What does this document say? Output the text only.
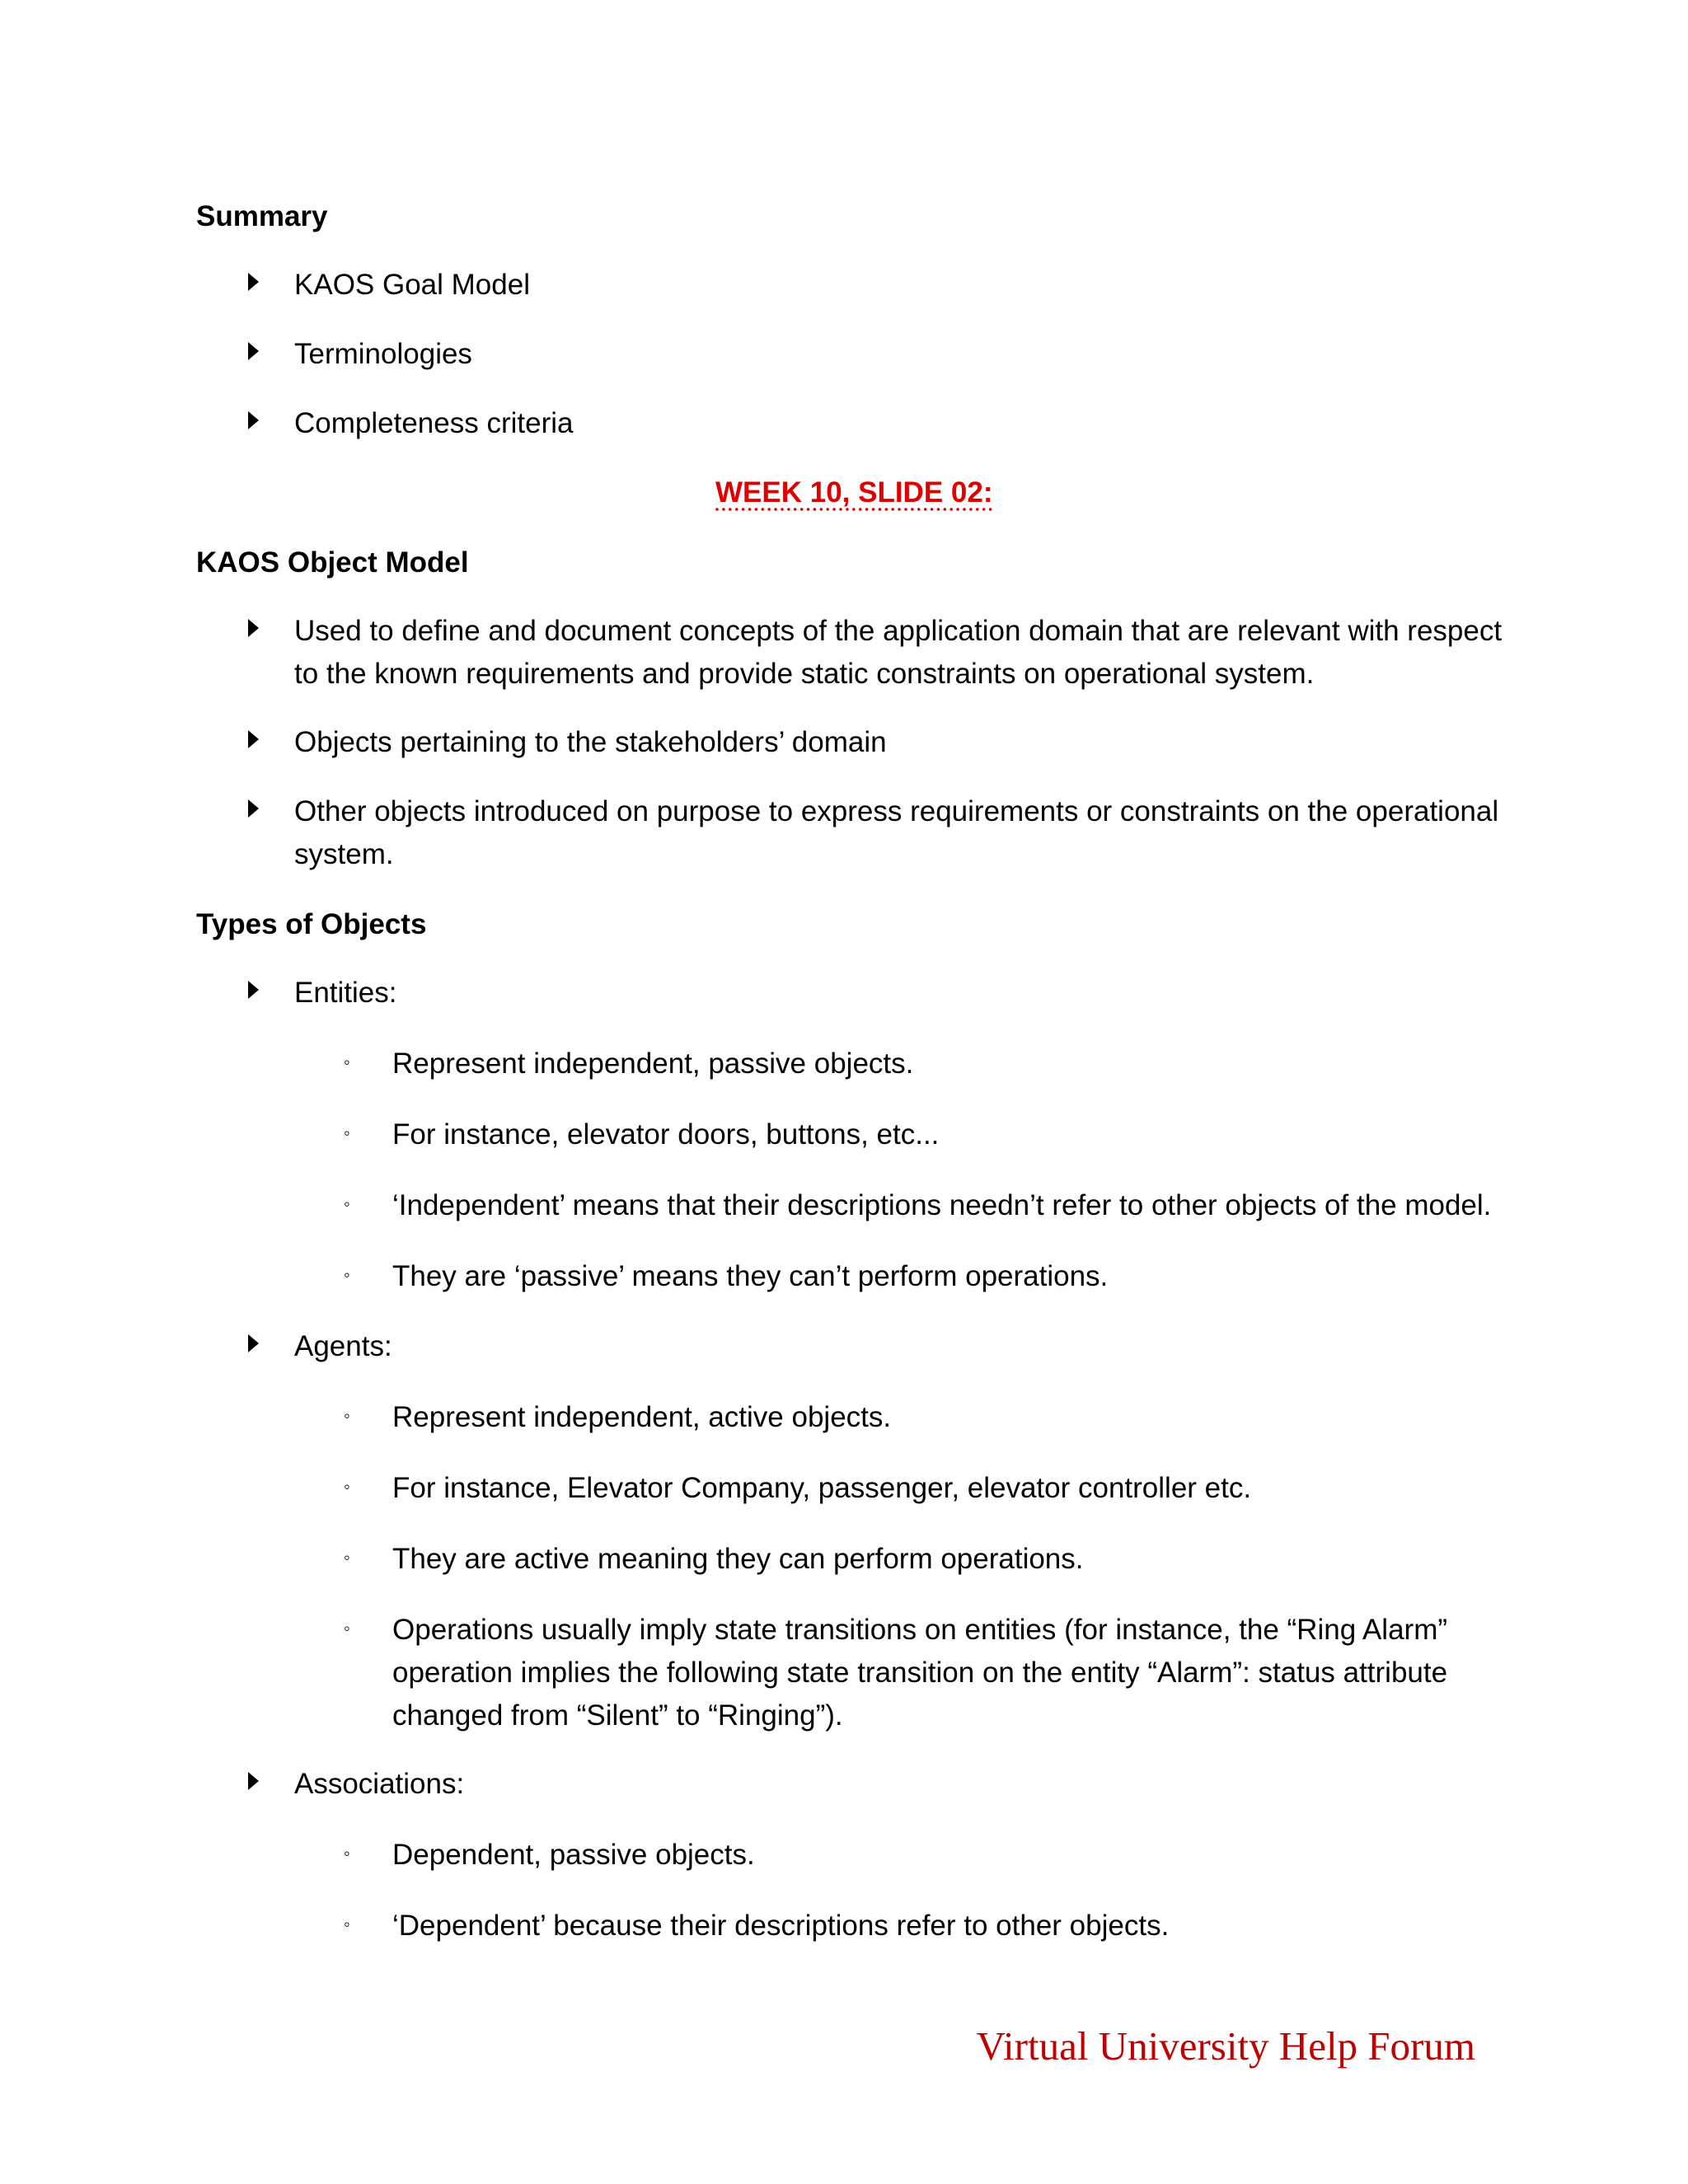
Summary
KAOS Goal Model
Terminologies
Completeness criteria
WEEK 10, SLIDE 02:
KAOS Object Model
Used to define and document concepts of the application domain that are relevant with respect
to the known requirements and provide static constraints on operational system.
Objects pertaining to the stakeholders’ domain
Other objects introduced on purpose to express requirements or constraints on the operational
system.
Types of Objects
Entities:
◦ Represent independent, passive objects.
◦ For instance, elevator doors, buttons, etc...
◦ ‘Independent’ means that their descriptions needn’t refer to other objects of the model.
◦ They are ‘passive’ means they can’t perform operations.
Agents:
◦ Represent independent, active objects.
◦ For instance, Elevator Company, passenger, elevator controller etc.
◦ They are active meaning they can perform operations.
◦ Operations usually imply state transitions on entities (for instance, the “Ring Alarm”
operation implies the following state transition on the entity “Alarm”: status attribute
changed from “Silent” to “Ringing”).
Associations:
◦ Dependent, passive objects.
◦ ‘Dependent’ because their descriptions refer to other objects.
Virtual University Help Forum
